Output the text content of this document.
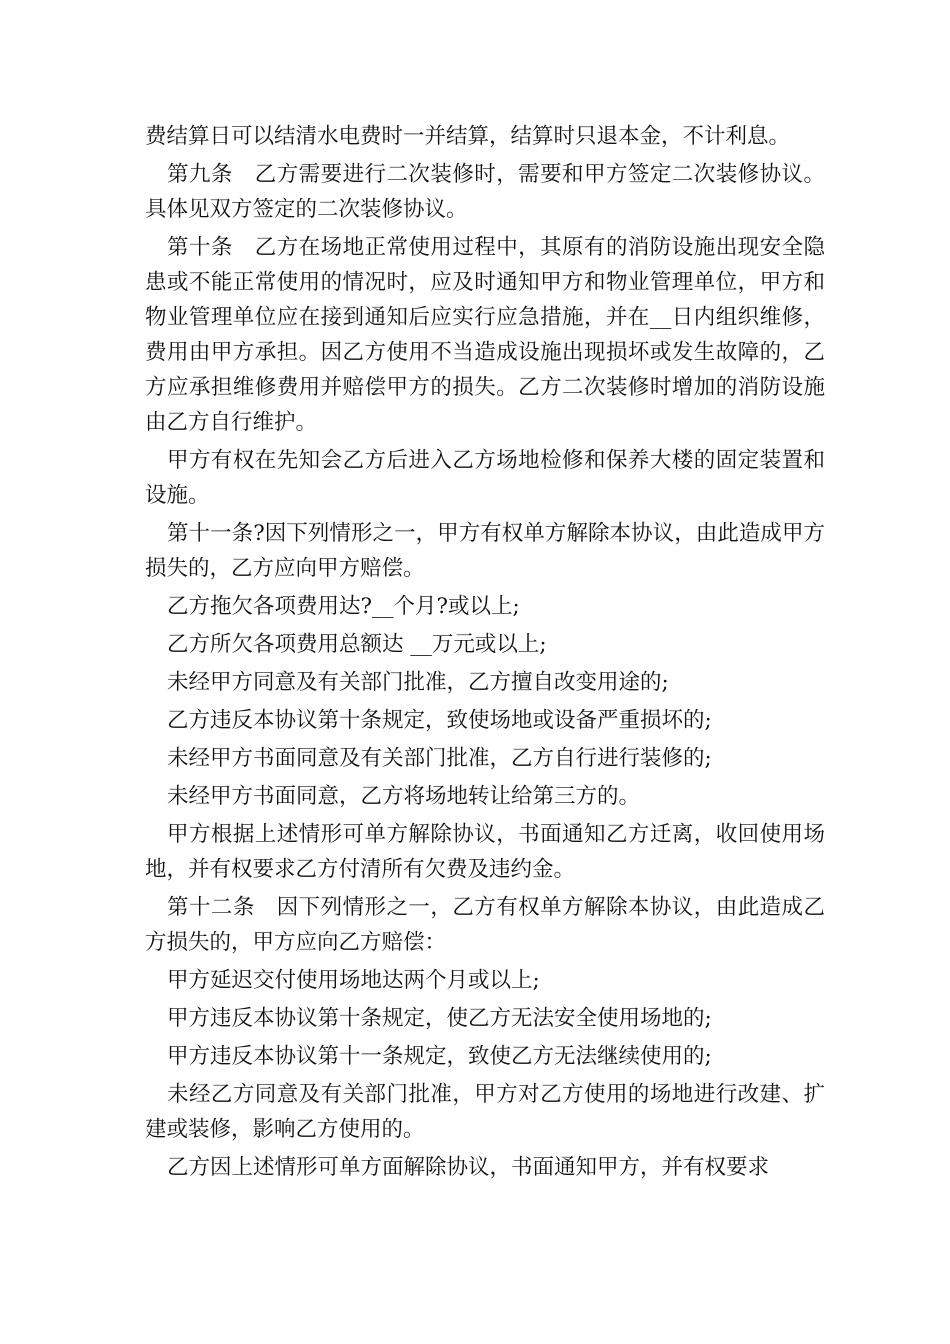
费结算日可以结清水电费时一并结算，结算时只退本金，不计利息。

第九条　乙方需要进行二次装修时，需要和甲方签定二次装修协议。具体见双方签定的二次装修协议。

第十条　乙方在场地正常使用过程中，其原有的消防设施出现安全隐患或不能正常使用的情况时，应及时通知甲方和物业管理单位，甲方和物业管理单位应在接到通知后应实行应急措施，并在__日内组织维修，费用由甲方承担。因乙方使用不当造成设施出现损坏或发生故障的，乙方应承担维修费用并赔偿甲方的损失。乙方二次装修时增加的消防设施由乙方自行维护。

甲方有权在先知会乙方后进入乙方场地检修和保养大楼的固定装置和设施。

第十一条?因下列情形之一，甲方有权单方解除本协议，由此造成甲方损失的，乙方应向甲方赔偿。

乙方拖欠各项费用达?__个月?或以上;

乙方所欠各项费用总额达 __万元或以上;

未经甲方同意及有关部门批准，乙方擅自改变用途的;

乙方违反本协议第十条规定，致使场地或设备严重损坏的;

未经甲方书面同意及有关部门批准，乙方自行进行装修的;

未经甲方书面同意，乙方将场地转让给第三方的。

甲方根据上述情形可单方解除协议，书面通知乙方迁离，收回使用场地，并有权要求乙方付清所有欠费及违约金。

第十二条　因下列情形之一，乙方有权单方解除本协议，由此造成乙方损失的，甲方应向乙方赔偿：

甲方延迟交付使用场地达两个月或以上;

甲方违反本协议第十条规定，使乙方无法安全使用场地的;

甲方违反本协议第十一条规定，致使乙方无法继续使用的;

未经乙方同意及有关部门批准，甲方对乙方使用的场地进行改建、扩建或装修，影响乙方使用的。

乙方因上述情形可单方面解除协议，书面通知甲方，并有权要求
